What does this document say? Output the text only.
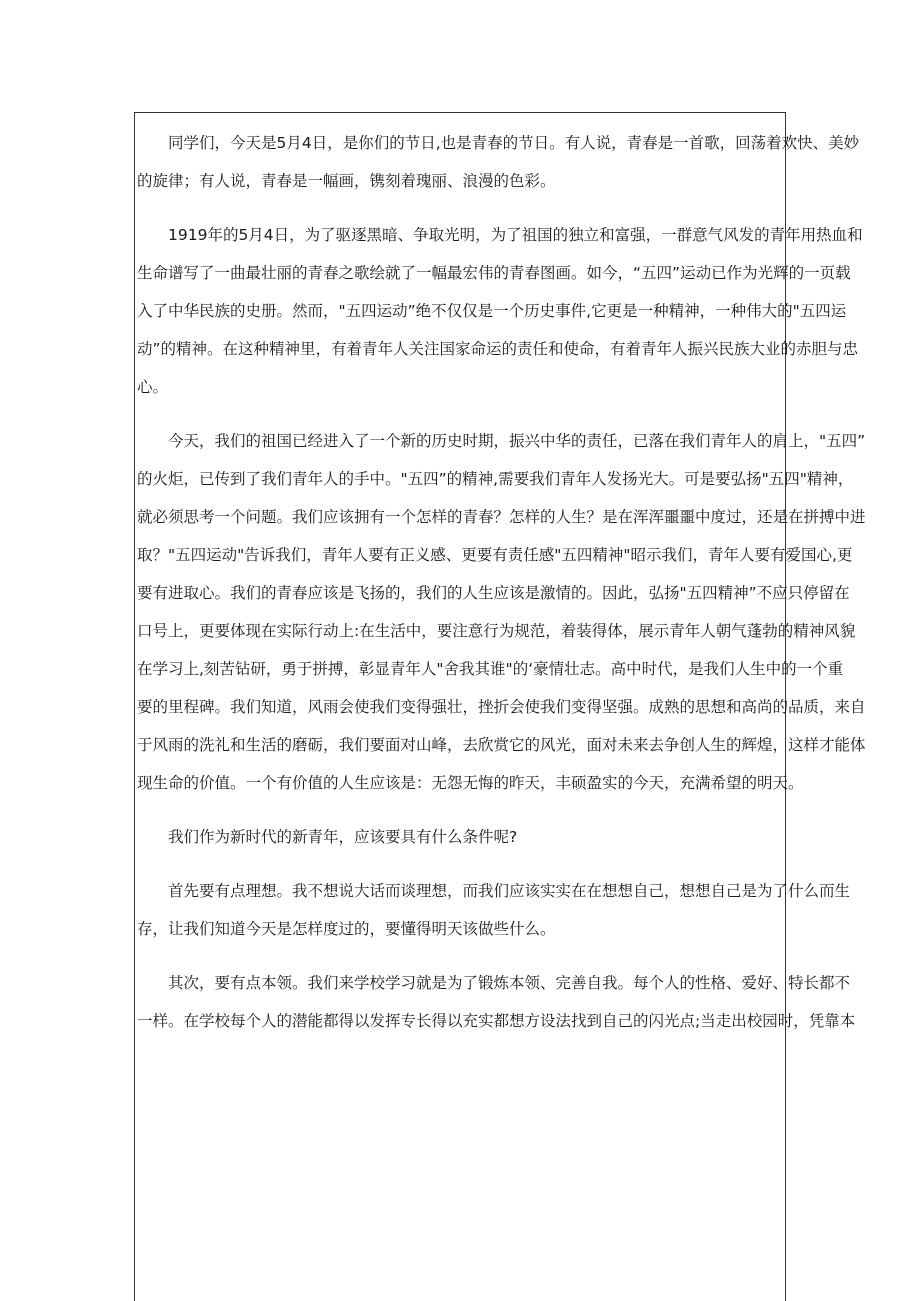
同学们，今天是5月4日，是你们的节日,也是青春的节日。有人说，青春是一首歌，回荡着欢快、美妙
的旋律；有人说，青春是一幅画，镌刻着瑰丽、浪漫的色彩。
1919年的5月4日，为了驱逐黑暗、争取光明，为了祖国的独立和富强，一群意气风发的青年用热血和
生命谱写了一曲最壮丽的青春之歌绘就了一幅最宏伟的青春图画。如今，“五四”运动已作为光辉的一页载
入了中华民族的史册。然而，"五四运动”绝不仅仅是一个历史事件,它更是一种精神，一种伟大的"五四运
动”的精神。在这种精神里，有着青年人关注国家命运的责任和使命，有着青年人振兴民族大业的赤胆与忠
心。
今天，我们的祖国已经进入了一个新的历史时期，振兴中华的责任，已落在我们青年人的肩上，"五四”
的火炬，已传到了我们青年人的手中。"五四”的精神,需要我们青年人发扬光大。可是要弘扬"五四"精神，
就必须思考一个问题。我们应该拥有一个怎样的青春？怎样的人生？是在浑浑噩噩中度过，还是在拼搏中进
取？"五四运动"告诉我们，青年人要有正义感、更要有责任感"五四精神"昭示我们，青年人要有爱国心,更
要有进取心。我们的青春应该是飞扬的，我们的人生应该是激情的。因此，弘扬"五四精神”不应只停留在
口号上，更要体现在实际行动上:在生活中，要注意行为规范，着装得体，展示青年人朝气蓬勃的精神风貌
在学习上,刻苦钻研，勇于拼搏，彰显青年人"舍我其谁"的‘豪情壮志。高中时代，是我们人生中的一个重
要的里程碑。我们知道，风雨会使我们变得强壮，挫折会使我们变得坚强。成熟的思想和高尚的品质，来自
于风雨的洗礼和生活的磨砺，我们要面对山峰，去欣赏它的风光，面对未来去争创人生的辉煌，这样才能体
现生命的价值。一个有价值的人生应该是：无怨无悔的昨天，丰硕盈实的今天，充满希望的明天。
我们作为新时代的新青年，应该要具有什么条件呢?
首先要有点理想。我不想说大话而谈理想，而我们应该实实在在想想自己，想想自己是为了什么而生
存，让我们知道今天是怎样度过的，要懂得明天该做些什么。
其次，要有点本领。我们来学校学习就是为了锻炼本领、完善自我。每个人的性格、爱好、特长都不
一样。在学校每个人的潜能都得以发挥专长得以充实都想方设法找到自己的闪光点;当走出校园时，凭靠本
